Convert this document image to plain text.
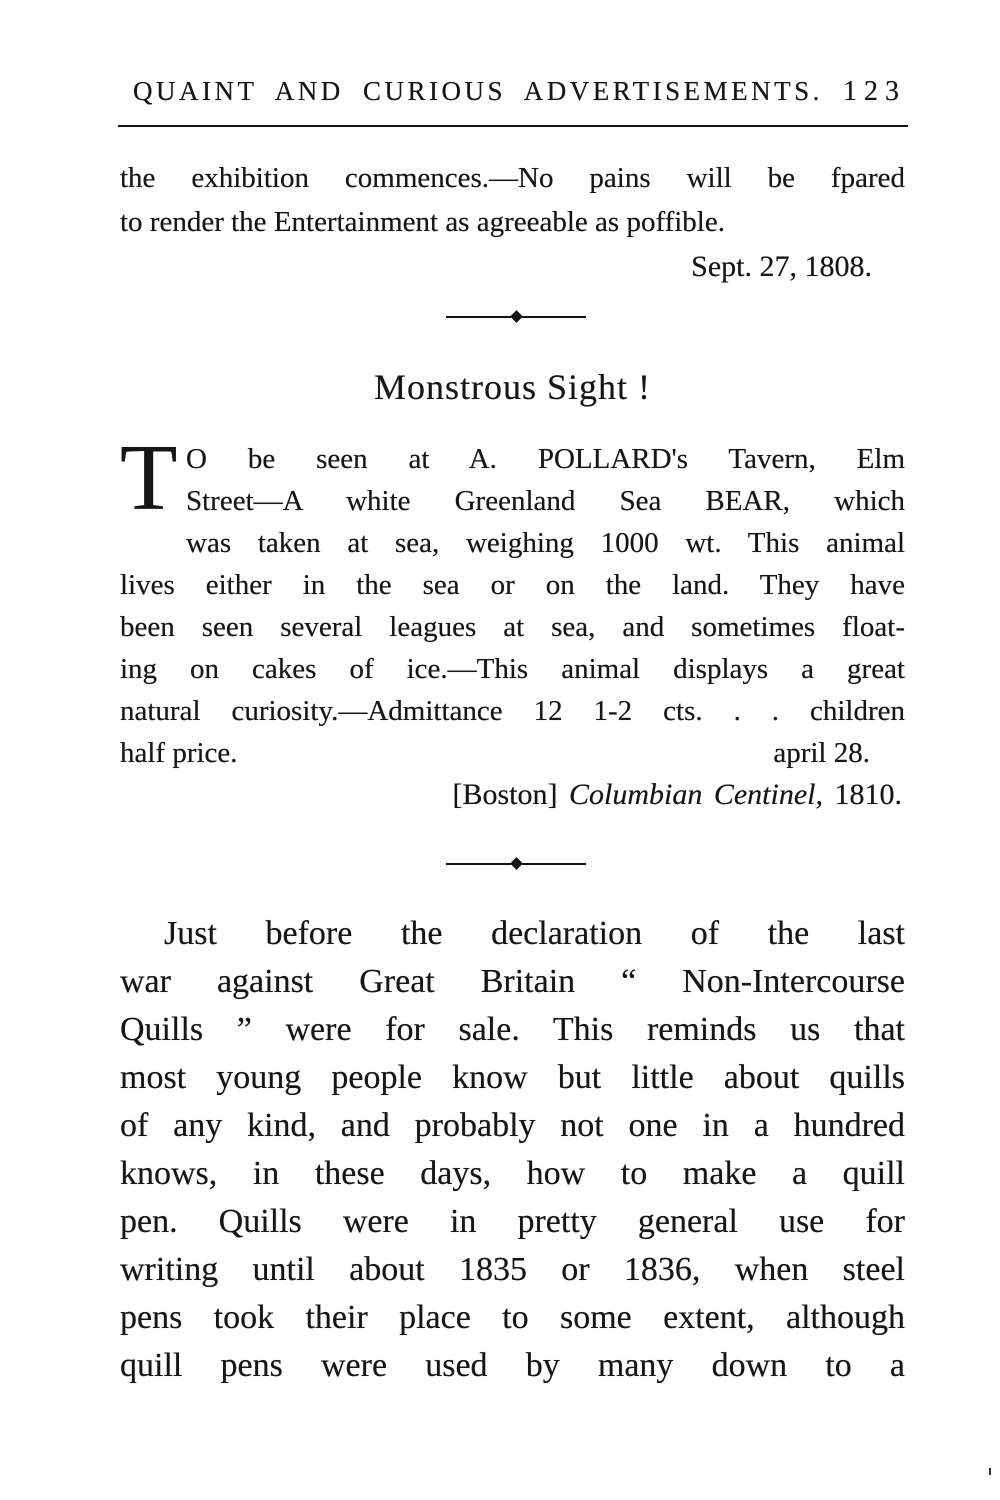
QUAINT AND CURIOUS ADVERTISEMENTS. 123
the exhibition commences.—No pains will be fpared
to render the Entertainment as agreeable as poffible.
Sept. 27, 1808.
Monstrous Sight !
T O be seen at A. POLLARD's Tavern, Elm
Street—A white Greenland Sea BEAR, which
was taken at sea, weighing 1000 wt. This animal
lives either in the sea or on the land. They have
been seen several leagues at sea, and sometimes float-
ing on cakes of ice.—This animal displays a great
natural curiosity.—Admittance 12 1-2 cts. . . children
half price.	april 28.
[Boston] Columbian Centinel, 1810.
Just before the declaration of the last
war against Great Britain “ Non-Intercourse
Quills ” were for sale. This reminds us that
most young people know but little about quills
of any kind, and probably not one in a hundred
knows, in these days, how to make a quill
pen. Quills were in pretty general use for
writing until about 1835 or 1836, when steel
pens took their place to some extent, although
quill pens were used by many down to a
